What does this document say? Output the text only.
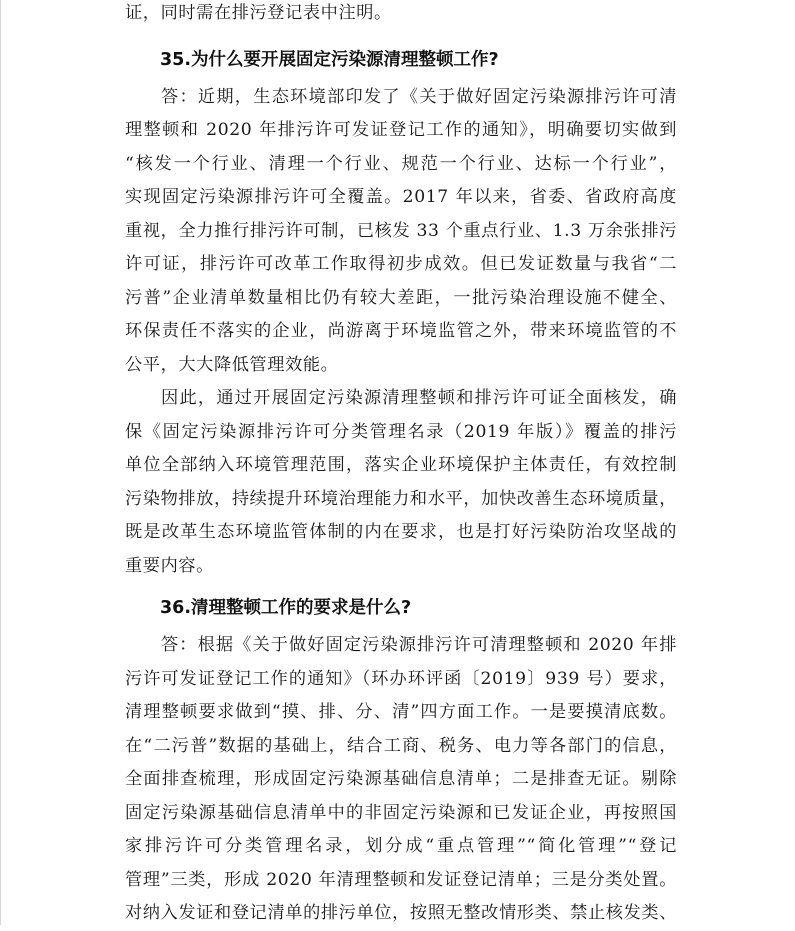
证，同时需在排污登记表中注明。
35.为什么要开展固定污染源清理整顿工作?
答：近期，生态环境部印发了《关于做好固定污染源排污许可清
理整顿和 2020 年排污许可发证登记工作的通知》，明确要切实做到
“核发一个行业、清理一个行业、规范一个行业、达标一个行业”，
实现固定污染源排污许可全覆盖。2017 年以来，省委、省政府高度
重视，全力推行排污许可制，已核发 33 个重点行业、1.3 万余张排污
许可证，排污许可改革工作取得初步成效。但已发证数量与我省“二
污普”企业清单数量相比仍有较大差距，一批污染治理设施不健全、
环保责任不落实的企业，尚游离于环境监管之外，带来环境监管的不
公平，大大降低管理效能。
因此，通过开展固定污染源清理整顿和排污许可证全面核发，确
保《固定污染源排污许可分类管理名录（2019 年版）》覆盖的排污
单位全部纳入环境管理范围，落实企业环境保护主体责任，有效控制
污染物排放，持续提升环境治理能力和水平，加快改善生态环境质量，
既是改革生态环境监管体制的内在要求，也是打好污染防治攻坚战的
重要内容。
36.清理整顿工作的要求是什么?
答：根据《关于做好固定污染源排污许可清理整顿和 2020 年排
污许可发证登记工作的通知》（环办环评函〔2019〕939 号）要求，
清理整顿要求做到“摸、排、分、清”四方面工作。一是要摸清底数。
在“二污普”数据的基础上，结合工商、税务、电力等各部门的信息，
全面排查梳理，形成固定污染源基础信息清单；二是排查无证。剔除
固定污染源基础信息清单中的非固定污染源和已发证企业，再按照国
家排污许可分类管理名录，划分成“重点管理”“简化管理”“登记
管理”三类，形成 2020 年清理整顿和发证登记清单；三是分类处置。
对纳入发证和登记清单的排污单位，按照无整改情形类、禁止核发类、
